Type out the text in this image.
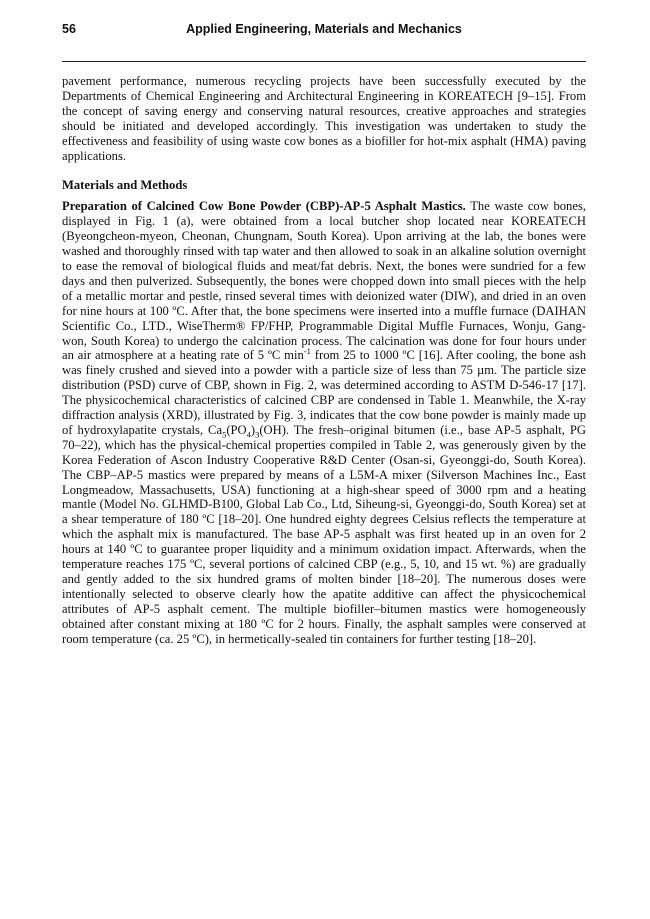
56	Applied Engineering, Materials and Mechanics

pavement performance, numerous recycling projects have been successfully executed by the Departments of Chemical Engineering and Architectural Engineering in KOREATECH [9–15]. From the concept of saving energy and conserving natural resources, creative approaches and strategies should be initiated and developed accordingly. This investigation was undertaken to study the effectiveness and feasibility of using waste cow bones as a biofiller for hot-mix asphalt (HMA) paving applications.

Materials and Methods

Preparation of Calcined Cow Bone Powder (CBP)-AP-5 Asphalt Mastics. The waste cow bones, displayed in Fig. 1 (a), were obtained from a local butcher shop located near KOREATECH (Byeongcheon-myeon, Cheonan, Chungnam, South Korea). Upon arriving at the lab, the bones were washed and thoroughly rinsed with tap water and then allowed to soak in an alkaline solution overnight to ease the removal of biological fluids and meat/fat debris. Next, the bones were sundried for a few days and then pulverized. Subsequently, the bones were chopped down into small pieces with the help of a metallic mortar and pestle, rinsed several times with deionized water (DIW), and dried in an oven for nine hours at 100 ºC. After that, the bone specimens were inserted into a muffle furnace (DAIHAN Scientific Co., LTD., WiseTherm® FP/FHP, Programmable Digital Muffle Furnaces, Wonju, Gang-won, South Korea) to undergo the calcination process. The calcination was done for four hours under an air atmosphere at a heating rate of 5 ºC $\min^{-1}$ from 25 to 1000 ºC [16]. After cooling, the bone ash was finely crushed and sieved into a powder with a particle size of less than 75 µm. The particle size distribution (PSD) curve of CBP, shown in Fig. 2, was determined according to ASTM D-546-17 [17]. The physicochemical characteristics of calcined CBP are condensed in Table 1. Meanwhile, the X-ray diffraction analysis (XRD), illustrated by Fig. 3, indicates that the cow bone powder is mainly made up of hydroxylapatite crystals, $Ca_5(PO_4)_3(OH)$. The fresh–original bitumen (i.e., base AP-5 asphalt, PG 70–22), which has the physical-chemical properties compiled in Table 2, was generously given by the Korea Federation of Ascon Industry Cooperative R&D Center (Osan-si, Gyeonggi-do, South Korea). The CBP–AP-5 mastics were prepared by means of a L5M-A mixer (Silverson Machines Inc., East Longmeadow, Massachusetts, USA) functioning at a high-shear speed of 3000 rpm and a heating mantle (Model No. GLHMD-B100, Global Lab Co., Ltd, Siheung-si, Gyeonggi-do, South Korea) set at a shear temperature of 180 ºC [18–20]. One hundred eighty degrees Celsius reflects the temperature at which the asphalt mix is manufactured. The base AP-5 asphalt was first heated up in an oven for 2 hours at 140 ºC to guarantee proper liquidity and a minimum oxidation impact. Afterwards, when the temperature reaches 175 ºC, several portions of calcined CBP (e.g., 5, 10, and 15 wt. %) are gradually and gently added to the six hundred grams of molten binder [18–20]. The numerous doses were intentionally selected to observe clearly how the apatite additive can affect the physicochemical attributes of AP-5 asphalt cement. The multiple biofiller–bitumen mastics were homogeneously obtained after constant mixing at 180 ºC for 2 hours. Finally, the asphalt samples were conserved at room temperature (ca. 25 ºC), in hermetically-sealed tin containers for further testing [18–20].
